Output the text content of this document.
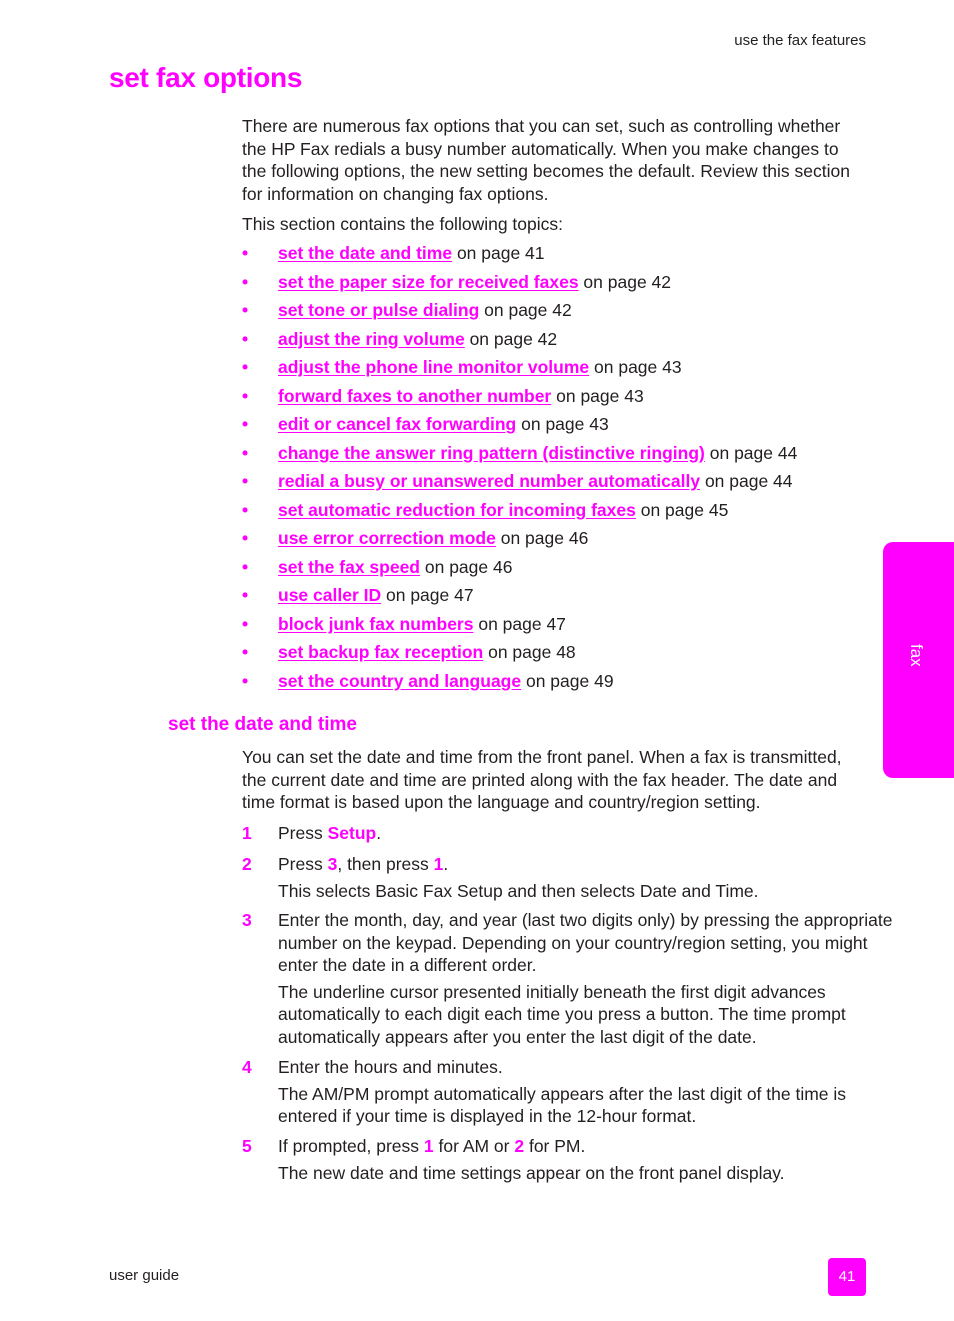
use the fax features
set fax options

There are numerous fax options that you can set, such as controlling whether the HP Fax redials a busy number automatically. When you make changes to the following options, the new setting becomes the default. Review this section for information on changing fax options.

This section contains the following topics:

• set the date and time on page 41
• set the paper size for received faxes on page 42
• set tone or pulse dialing on page 42
• adjust the ring volume on page 42
• adjust the phone line monitor volume on page 43
• forward faxes to another number on page 43
• edit or cancel fax forwarding on page 43
• change the answer ring pattern (distinctive ringing) on page 44
• redial a busy or unanswered number automatically on page 44
• set automatic reduction for incoming faxes on page 45
• use error correction mode on page 46
• set the fax speed on page 46
• use caller ID on page 47
• block junk fax numbers on page 47
• set backup fax reception on page 48
• set the country and language on page 49
set the date and time

You can set the date and time from the front panel. When a fax is transmitted, the current date and time are printed along with the fax header. The date and time format is based upon the language and country/region setting.

1 Press Setup.

2 Press 3, then press 1.

This selects Basic Fax Setup and then selects Date and Time.

3 Enter the month, day, and year (last two digits only) by pressing the appropriate number on the keypad. Depending on your country/region setting, you might enter the date in a different order.

The underline cursor presented initially beneath the first digit advances automatically to each digit each time you press a button. The time prompt automatically appears after you enter the last digit of the date.

4 Enter the hours and minutes.

The AM/PM prompt automatically appears after the last digit of the time is entered if your time is displayed in the 12-hour format.

5 If prompted, press 1 for AM or 2 for PM.

The new date and time settings appear on the front panel display.

fax
user guide	41
